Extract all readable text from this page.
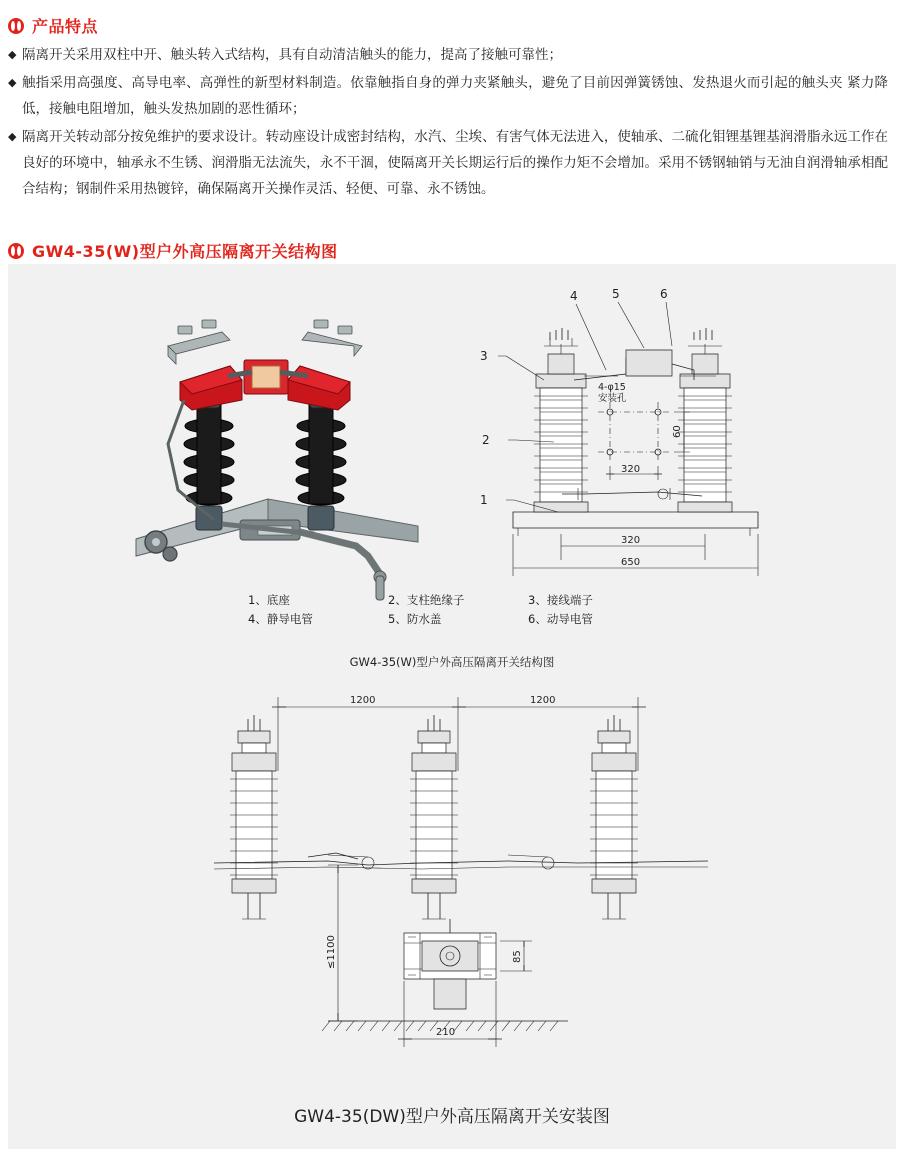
产品特点
◆ 隔离开关采用双柱中开、触头转入式结构，具有自动清洁触头的能力，提高了接触可靠性；
◆ 触指采用高强度、高导电率、高弹性的新型材料制造。依靠触指自身的弹力夹紧触头，避免了目前因弹簧锈蚀、发热退火而引起的触头夹 紧力降低，接触电阻增加，触头发热加剧的恶性循环；
◆ 隔离开关转动部分按免维护的要求设计。转动座设计成密封结构，水汽、尘埃、有害气体无法进入，使轴承、二硫化钼锂基锂基润滑脂永远工作在良好的环境中，轴承永不生锈、润滑脂无法流失，永不干涸，使隔离开关长期运行后的操作力矩不会增加。采用不锈钢轴销与无油自润滑轴承相配合结构；钢制件采用热镀锌，确保隔离开关操作灵活、轻便、可靠、永不锈蚀。
GW4-35(W)型户外高压隔离开关结构图
320
60
4-φ15
安装孔
320
650
3
2
1
4	5	6
1、底座	2、支柱绝缘子	3、接线端子
4、静导电管	5、防水盖	6、动导电管
GW4-35(W)型户外高压隔离开关结构图
1200	1200
85
≤1100
210
GW4-35(DW)型户外高压隔离开关安装图
